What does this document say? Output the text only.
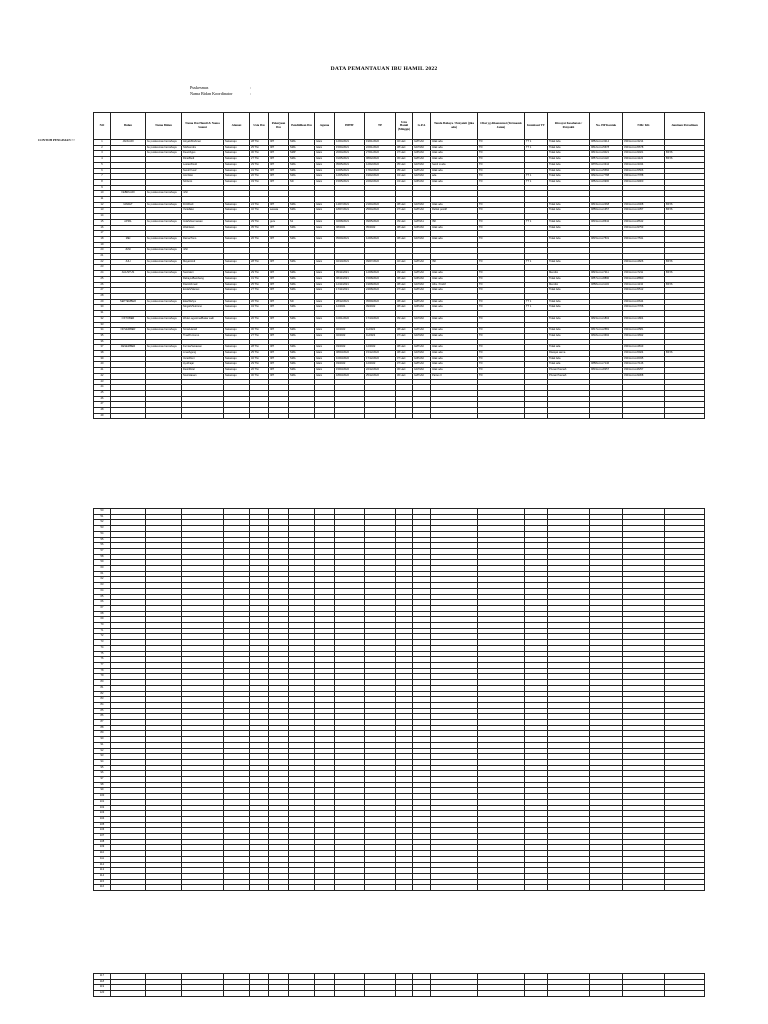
DATA PEMANTAUAN IBU HAMIL 2022
Puskesmas	:
Nama Bidan Koordinator	:
CONTOH PENGISIAN >>
NO	Bulan	Nama Bidan	Nama Ibu Hamil & Nama Suami	Alamat	Usia Ibu	Pekerjaan Ibu	Pendidikan Ibu	Agama	HPHT	TP	Usia Hamil (Minggu)	G.P.A	Tanda Bahaya / Penyakit (jika ada)	Obat yg dikonsumsi (Termasuk Jamu)	Imunisasi TT	Riwayat Kesehatan / Penyakit	No. HP Kontak	NIK/ KK	Jaminan Persalinan
1	JANUARI	bu puskesmas bercahaya	Aisyah/Rahmat	Sukamaju	28 Thn	IRT	SMA	Islam	12/04/2021	19/01/2022	40 Hari	G2P1A0	tidak ada	TD	TT 1	Tidak Ada	0852xxxxx3214	3301xxxxxx3214	
2		bu puskesmas bercahaya	Siti/Hendra	Sukamaju	25 Thn	IRT	SMA	Islam	15/04/2021	22/01/2022	38 Hari	G1P0A0	tidak ada	TD	TT 1	Tidak Ada	0812xxxxx5678	3301xxxxxx5678	
3		bu puskesmas bercahaya	Dewi/Agus	Sukamaju	30 Thn	IRT	SMP	Islam	20/04/2021	27/01/2022	37 Hari	G3P2A0	tidak ada	TD		Tidak Ada	0813xxxxx9021	3301xxxxxx9021	BPJS
4			Rina/Budi	Sukamaju	27 Thn	IRT	SMA	Islam	01/05/2021	08/02/2022	36 Hari	G2P1A0	tidak ada	TD		Tidak Ada	0857xxxxx1122	3301xxxxxx1122	BPJS
5			Lestari/Dedi	Sukamaju	29 Thn	IRT	SMA	Islam	05/05/2021	12/02/2022	35 Hari	G1P0A0	hamil muda	TD		Tidak Ada	0878xxxxx3344	3301xxxxxx3344	
6			Nurul/Yusuf	Sukamaju	31 Thn	IRT	SMA	Islam	10/05/2021	17/02/2022	35 Hari	G2P1A0	tidak ada	TD		Tidak Ada	0821xxxxx5566	3301xxxxxx5566	
7			Ani/Joko	Sukamaju	26 Thn	IRT	SMA	Islam	12/05/2021	19/02/2022	34 Hari	G1P0A0	ada	TD	TT 1	Tidak Ada	0822xxxxx7788	3301xxxxxx7788	
8			Sri/Anto	Sukamaju	33 Thn	IRT	SD	Islam	15/05/2021	22/02/2022	34 Hari	G3P2A0	tidak ada	TD	TT 1	Tidak Ada	0852xxxxx9900	3301xxxxxx9900	
9																			
10	FEBRUARI	bu puskesmas bercahaya	nihil																
11																			
12	MARET	bu puskesmas bercahaya	Fitri/Rudi	Sukamaju	24 Thn	IRT	SMA	Islam	14/07/2021	21/04/2022	38 Hari	G1P0A0	tidak ada	TD		Tidak Ada	0813xxxxx2468	3301xxxxxx2468	BPJS
13			Yanti/Eko	Sukamaju	32 Thn	swasta	SMA	Islam	18/07/2021	25/04/2022	37 Hari	G2P1A0	Reflek positif	TD		Tidak Ada	0856xxxxx1357	3301xxxxxx1357	BPJS
14																			
15	APRIL	bu puskesmas bercahaya	Indah/Hermawan	Sukamaju	29 Thn	guru	S1	Islam	02/08/2021	09/05/2022	39 Hari	G2P0A1	ISK	TD	TT 1	Tidak Ada	0819xxxxx8642	3301xxxxxx8642	
16			Wati/Iwan	Sukamaju	35 Thn	IRT	SMA	Islam	08/2021	05/2022	38 Hari	G3P2A0	tidak ada	TD		Tidak Ada		3301xxxxxx9753	
17																			
18	MEI	bu puskesmas bercahaya	Ratna/Tono	Sukamaju	26 Thn	IRT	SMA	Islam	05/09/2021	12/06/2022	38 Hari	G1P0A0	tidak ada	TD		Tidak Ada	0815xxxxx7531	3301xxxxxx7531	
19																			
20	JUNI	bu puskesmas bercahaya	nihil																
21																			
22	JULI	bu puskesmas bercahaya	Maya/Andi	Sukamaju	28 Thn	IRT	SMA	Islam	02/10/2021	09/07/2022	40 Hari	G2P1A0	ISK	TD	TT 1	Tidak Ada		3301xxxxxx4826	BPJS
23																			
24	AGUSTUS	bu puskesmas bercahaya	Susi/Heri	Sukamaju	29 Thn	IRT	SMA	Islam	05/11/2021	12/08/2022	39 Hari	G2P1A0	tidak ada	TD		Mendisi	0823xxxxx7211	3301xxxxxx7211	BPJS
25			Rahayu/Bambang	Sukamaju	31 Thn	IRT	SMA	Islam	08/11/2021	15/08/2022	38 Hari	G3P2A0	tidak ada	TD		Tidak Ada	0857xxxxx8890	3301xxxxxx8890	
26			Dian/Ahmad	Sukamaju	25 Thn	IRT	SMA	Islam	12/11/2021	19/08/2022	38 Hari	G1P0A0	Albu. Positif	TD		Mendisi	0858xxxxx1134	3301xxxxxx1134	BPJS
27			Endah/Slamet	Sukamaju	27 Thn	IRT	SMA	Islam	17/11/2021	24/08/2022	37 Hari	G2P1A0	tidak ada	TD		Tidak Ada		3301xxxxxx5512	
28																			
29	SEPTEMBER	bu puskesmas bercahaya	Eka/Wahyu	Sukamaju	26 Thn	IRT	SD	Islam	28/12/2021	05/09/2022	38 Hari	G2P1A0	tidak ada	TD	TT 1	Tidak Ada		3301xxxxxx6644	
30			Ningsih/Sutrisno	Sukamaju	34 Thn	IRT	SMA	Islam	12/2021	09/2022	38 Hari	G3P2A0	tidak ada	TD	TT 1	Tidak Ada		3301xxxxxx7766	
31																			
32	OKTOBER	bu puskesmas bercahaya	Wulan agustina/Bakar sadi	Sukamaju	26 Thn	IRT	SMA	Islam	10/01/2022	17/10/2022	39 Hari	G1P0A0	tidak ada	TD		Tidak Ada	0823xxxxx1804	3301xxxxxx1804	
33																			
34	NOVEMBER	bu puskesmas bercahaya	Sinta/Hamid	Sukamaju	30 Thn	IRT	SMA	Islam	02/2022	11/2022	38 Hari	G2P1A0	tidak ada	TD		Tidak Ada	0817xxxxx2581	3301xxxxxx2581	
35			Tina/Purnomo	Sukamaju	27 Thn	IRT	SMA	Islam	02/2022	11/2022	37 Hari	G1P0A0	tidak ada	TD		Tidak Ada	0818xxxxx3692	3301xxxxxx3692	
36																			
37	DESEMBER	bu puskesmas bercahaya	Kurnia/Setiawan	Sukamaju	28 Thn	IRT	SMA	Islam	03/2022	12/2022	38 Hari	G2P1A0	tidak ada	TD		Tidak ada		3301xxxxxx4813	
38			Lina/Agung	Sukamaju	25 Thn	IRT	SMA	Islam	08/03/2022	15/12/2022	38 Hari	G1P0A0	tidak ada	TD		Riwayat asma		3301xxxxxx5924	BPJS
39			Vera/Roni	Sukamaju	32 Thn	IRT	SMA	Islam	10/03/2022	17/12/2022	37 Hari	G3P2A0	tidak ada	TD		Tidak Ada		3301xxxxxx6035	
40			Ayu/Fajar	Sukamaju	29 Thn	IRT	SMA	Islam	03/2022	12/2022	37 Hari	G2P1A0	tidak ada	TD		Tidak ada	0858xxxxx7146	3301xxxxxx7146	
41			Desi/Rizal	Sukamaju	26 Thn	IRT	SMA	Islam	15/03/2022	22/12/2022	36 Hari	G1P0A0	tidak ada	TD		Privasi Pasnah	0819xxxxx8257	3301xxxxxx8257	
42			Novi/Hasan	Sukamaju	30 Thn	IRT	SMA	Islam	18/03/2022	25/12/2022	36 Hari	G2P1A0	Partus II	TD		Privasi Pasnah		3301xxxxxx9368	
43																			
44																			
45																			
46																			
47																			
48																			
49																			
50																			
51																			
52																			
53																			
54																			
55																			
56																			
57																			
58																			
59																			
60																			
61																			
62																			
63																			
64																			
65																			
66																			
67																			
68																			
69																			
70																			
71																			
72																			
73																			
74																			
75																			
76																			
77																			
78																			
79																			
80																			
81																			
82																			
83																			
84																			
85																			
86																			
87																			
88																			
89																			
90																			
91																			
92																			
93																			
94																			
95																			
96																			
97																			
98																			
99																			
100																			
101																			
102																			
103																			
104																			
105																			
106																			
107																			
108																			
109																			
110																			
111																			
112																			
113																			
114																			
115																			
116																			
117																			
118																			
119																			
120																			
